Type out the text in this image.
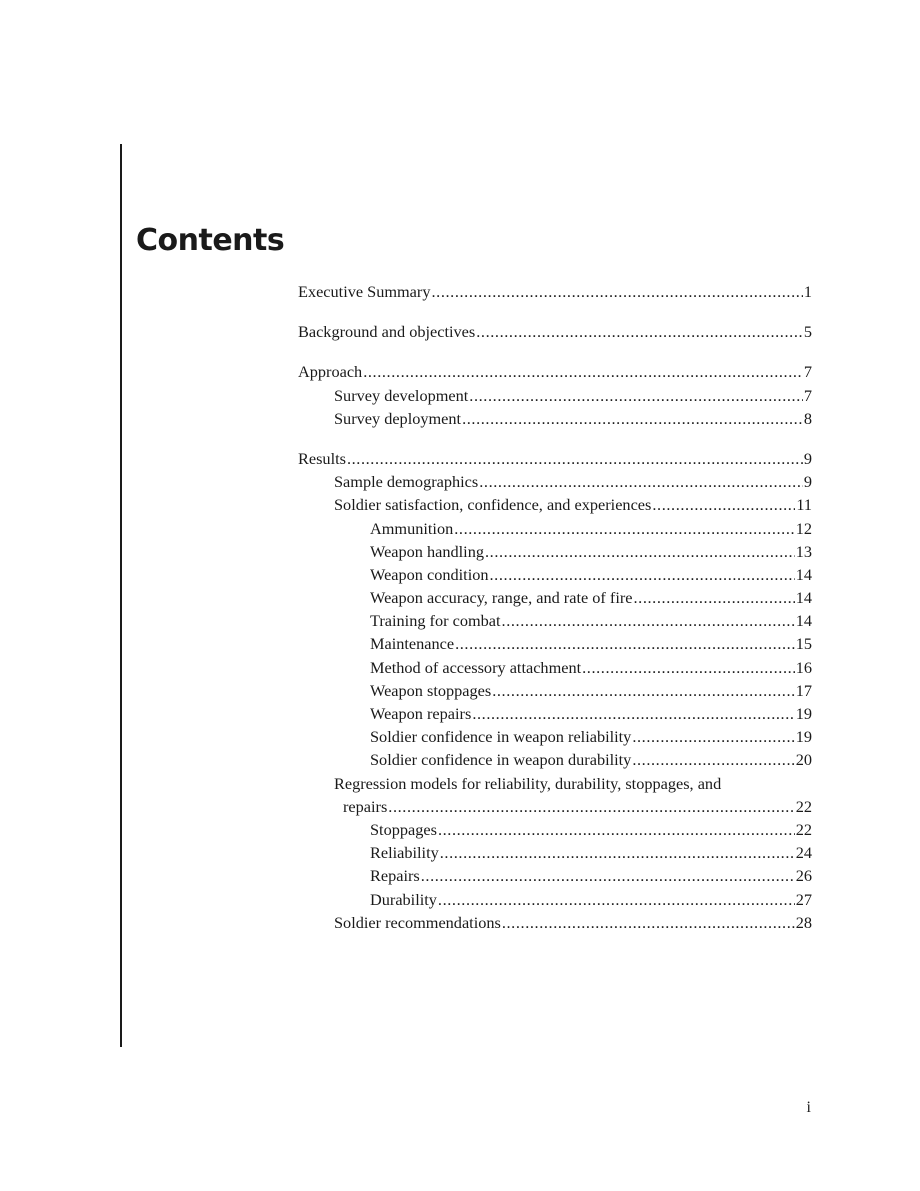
Contents
Executive Summary .....	1
Background and objectives .....	5
Approach .....	7
Survey development .....	7
Survey deployment .....	8
Results .....	9
Sample demographics .....	9
Soldier satisfaction, confidence, and experiences .....	11
Ammunition .....	12
Weapon handling .....	13
Weapon condition .....	14
Weapon accuracy, range, and rate of fire .....	14
Training for combat .....	14
Maintenance .....	15
Method of accessory attachment .....	16
Weapon stoppages .....	17
Weapon repairs .....	19
Soldier confidence in weapon reliability .....	19
Soldier confidence in weapon durability .....	20
Regression models for reliability, durability, stoppages, and
repairs .....	22
Stoppages .....	22
Reliability .....	24
Repairs .....	26
Durability .....	27
Soldier recommendations .....	28
i
